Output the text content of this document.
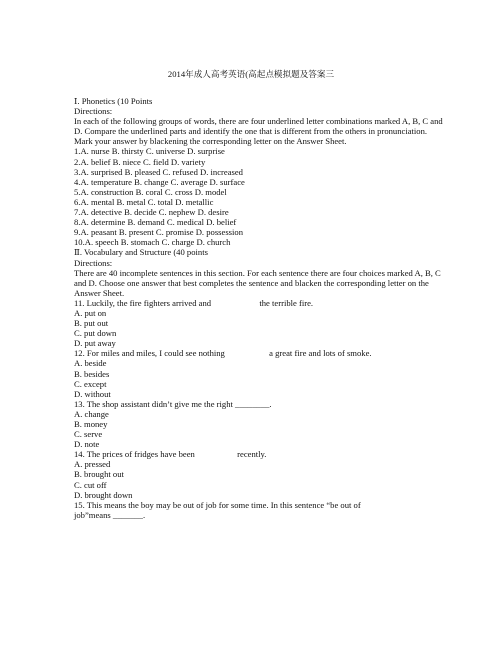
2014年成人高考英语(高起点模拟题及答案三
Ⅰ. Phonetics (10 Points
Directions:
In each of the following groups of words, there are four underlined letter combinations marked A, B, C and D. Compare the underlined parts and identify the one that is different from the others in pronunciation. Mark your answer by blackening the corresponding letter on the Answer Sheet.
1.A. nurse B. thirsty C. universe D. surprise
2.A. belief B. niece C. field D. variety
3.A. surprised B. pleased C. refused D. increased
4.A. temperature B. change C. average D. surface
5.A. construction B. coral C. cross D. model
6.A. mental B. metal C. total D. metallic
7.A. detective B. decide C. nephew D. desire
8.A. determine B. demand C. medical D. belief
9.A. peasant B. present C. promise D. possession
10.A. speech B. stomach C. charge D. church
Ⅱ. Vocabulary and Structure (40 points
Directions:
There are 40 incomplete sentences in this section. For each sentence there are four choices marked A, B, C and D. Choose one answer that best completes the sentence and blacken the corresponding letter on the Answer Sheet.
11. Luckily, the fire fighters arrived and	the terrible fire.
A. put on
B. put out
C. put down
D. put away
12. For miles and miles, I could see nothing	a great fire and lots of smoke.
A. beside
B. besides
C. except
D. without
13. The shop assistant didn’t give me the right ________.
A. change
B. money
C. serve
D. note
14. The prices of fridges have been	recently.
A. pressed
B. brought out
C. cut off
D. brought down
15. This means the boy may be out of job for some time. In this sentence “be out of
job”means _______.
